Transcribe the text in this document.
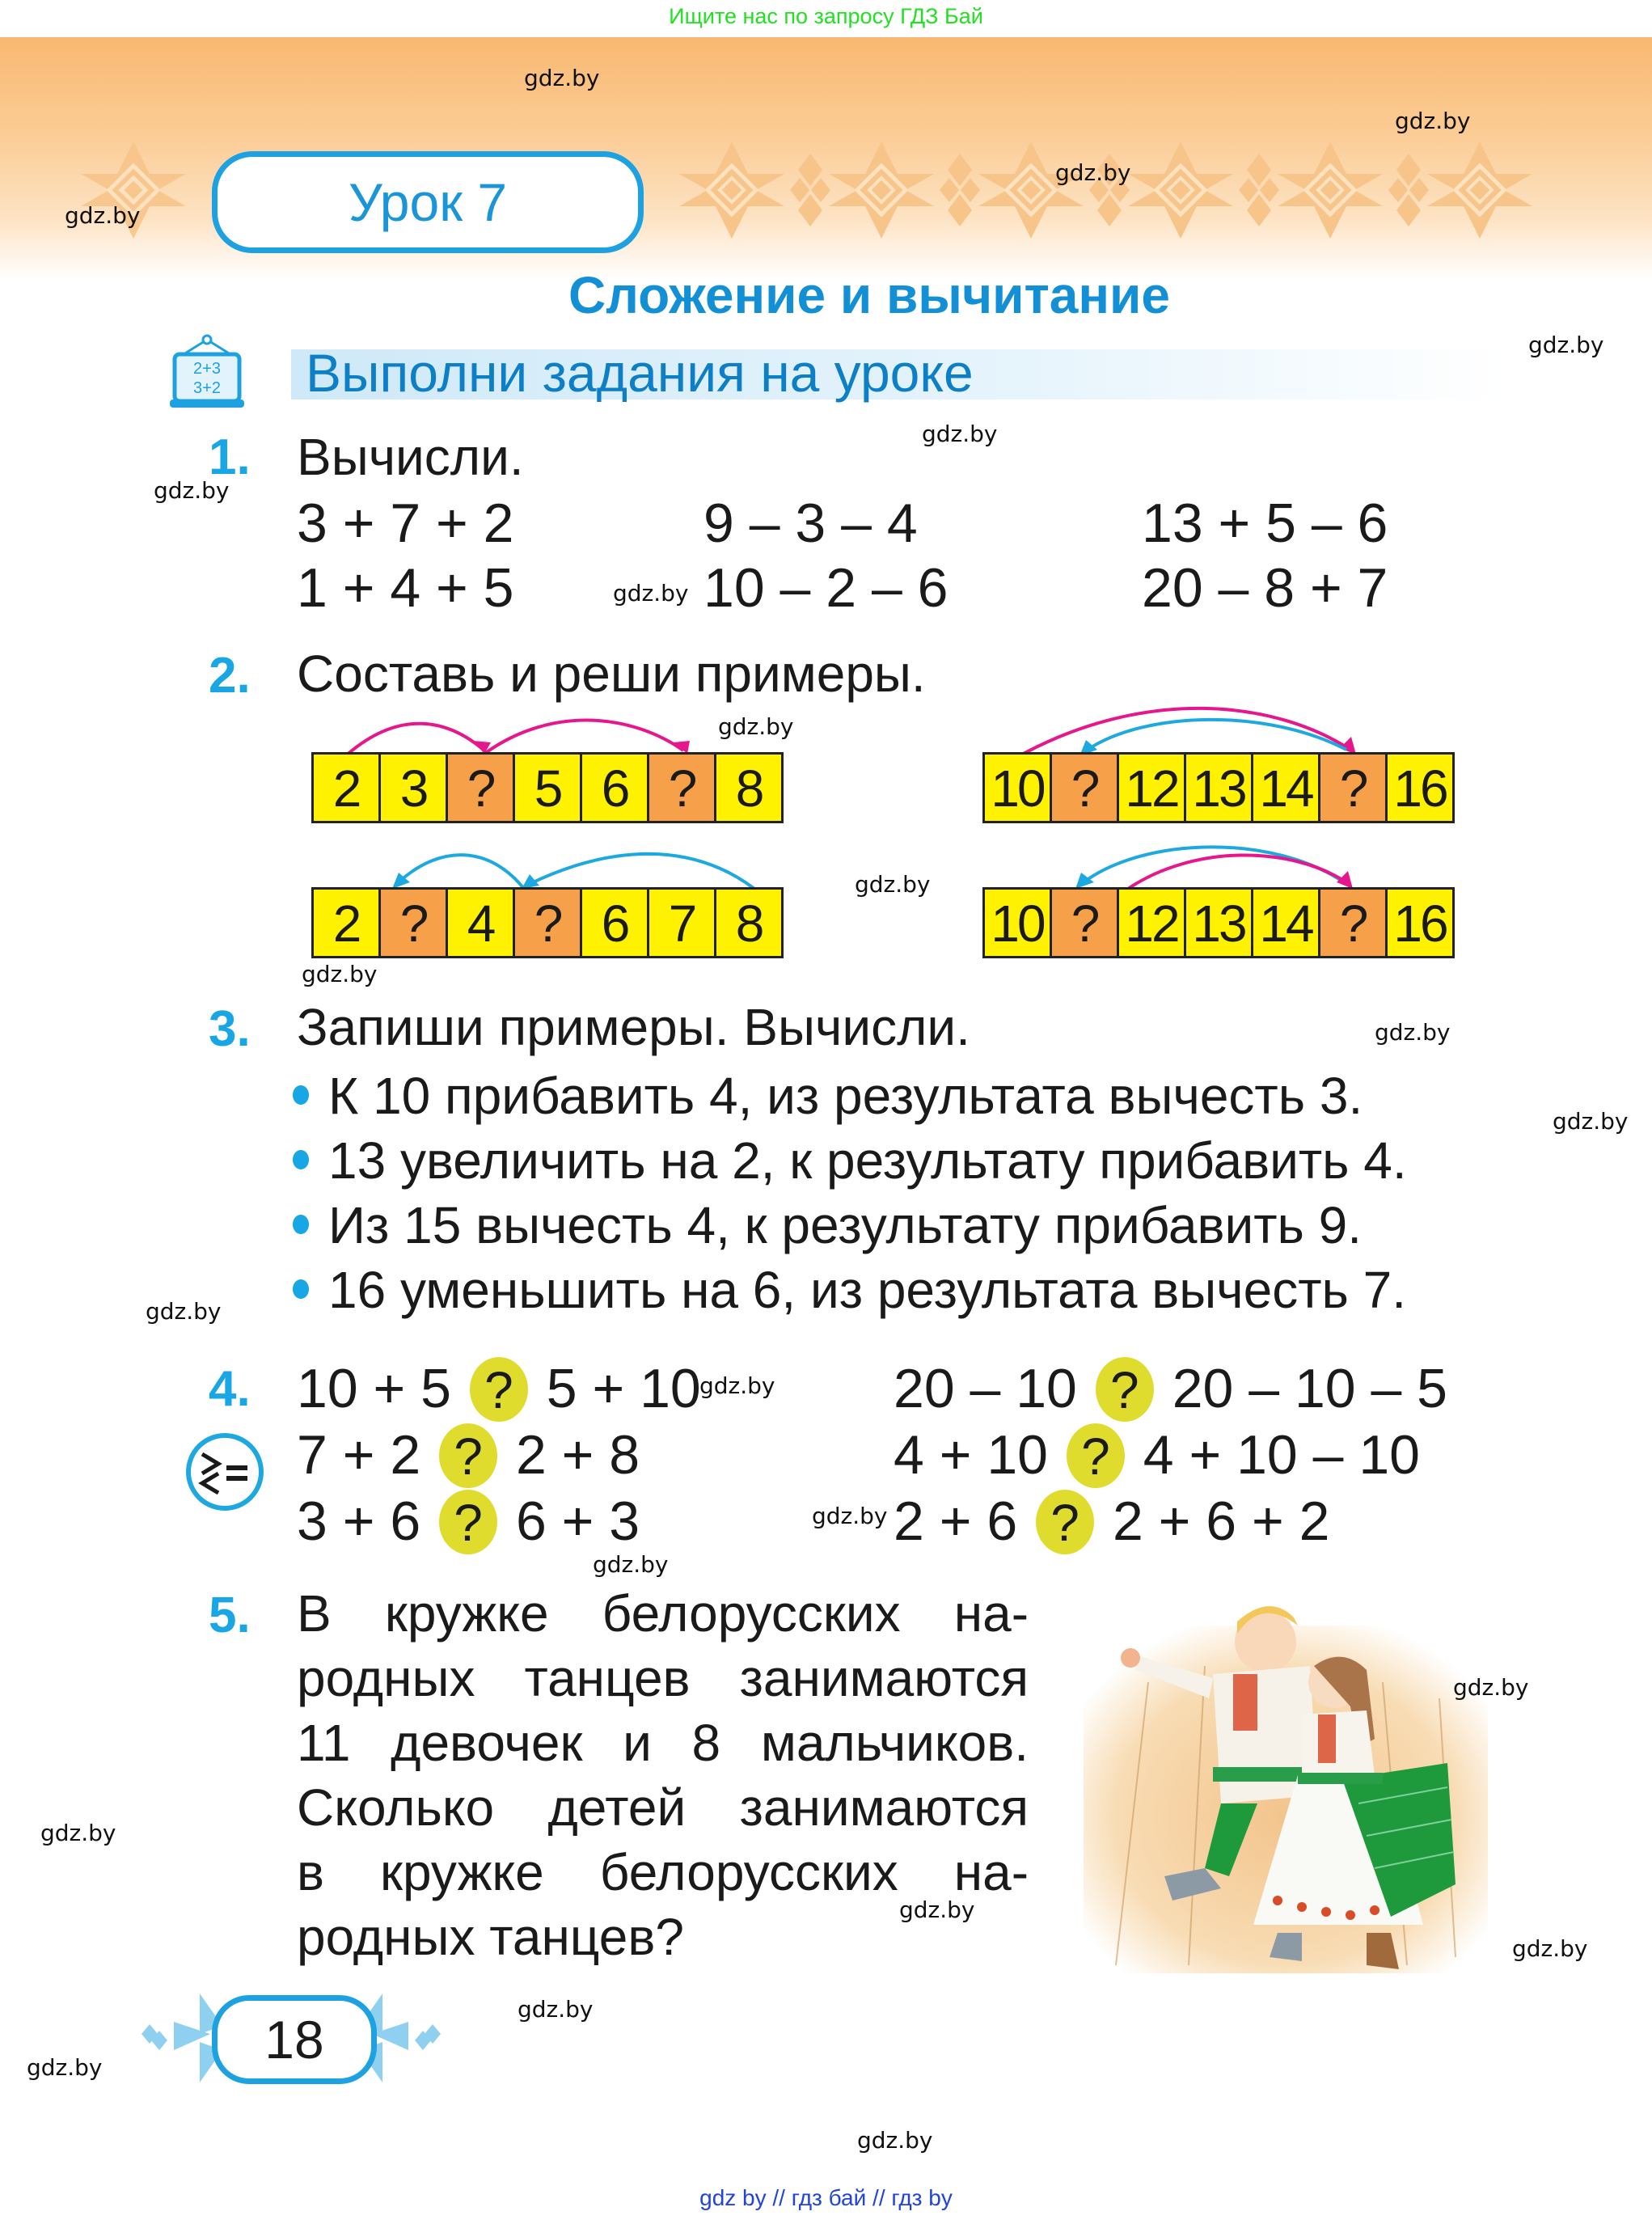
Ищите нас по запросу ГДЗ Бай
Урок 7
Сложение и вычитание
2+3
3+2 Выполни задания на уроке
1. Вычисли.
3 + 7 + 2
1 + 4 + 5
9 – 3 – 4
10 – 2 – 6
13 + 5 – 6
20 – 8 + 7
2. Составь и реши примеры.
2 3 ? 5 6 ? 8
2 ? 4 ? 6 7 8
10 ? 12 13 14 ? 16
10 ? 12 13 14 ? 16
3. Запиши примеры. Вычисли.
К 10 прибавить 4, из результата вычесть 3.
13 увеличить на 2, к результату прибавить 4.
Из 15 вычесть 4, к результату прибавить 9.
16 уменьшить на 6, из результата вычесть 7.
4. 10 + 5 ? 5 + 10
7 + 2 ? 2 + 8
3 + 6 ? 6 + 3
20 – 10 ? 20 – 10 – 5
4 + 10 ? 4 + 10 – 10
2 + 6 ? 2 + 6 + 2
5. В кружке белорусских на-
родных танцев занимаются
11 девочек и 8 мальчиков.
Сколько детей занимаются
в кружке белорусских на-
родных танцев?
18
gdz.by
gdz.by
gdz.by
gdz.by
gdz.by
gdz.by
gdz.by
gdz.by
gdz.by
gdz.by
gdz.by
gdz.by
gdz.by
gdz.by
gdz.by
gdz.by
gdz.by
gdz.by
gdz.by
gdz.by
gdz.by
gdz.by
gdz.by
gdz.by
gdz by // гдз бай // гдз by
